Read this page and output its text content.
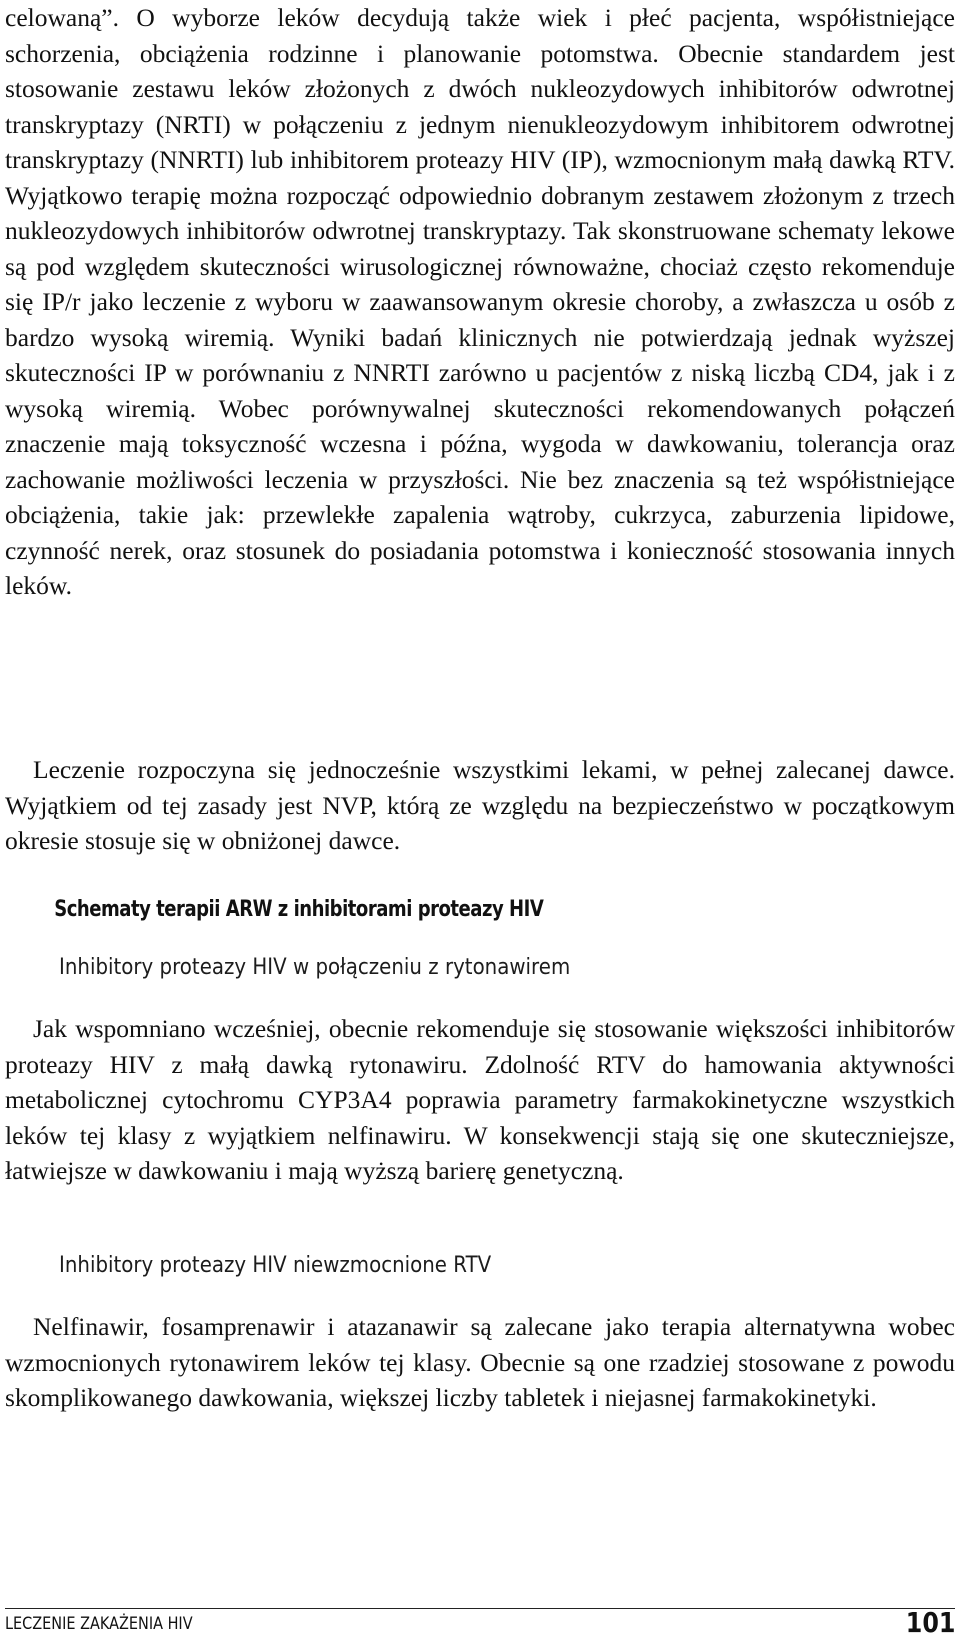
celowaną”. O wyborze leków decydują także wiek i płeć pacjenta, współistniejące schorzenia, obciążenia rodzinne i planowanie potomstwa. Obecnie standardem jest stosowanie zestawu leków złożonych z dwóch nukleozydowych inhibitorów odwrotnej transkryptazy (NRTI) w połączeniu z jednym nienukleozydowym inhibitorem odwrotnej transkryptazy (NNRTI) lub inhibitorem proteazy HIV (IP), wzmocnionym małą dawką RTV. Wyjątkowo terapię można rozpocząć odpowiednio dobranym zestawem złożonym z trzech nukleozydowych inhibitorów odwrotnej transkryptazy. Tak skonstruowane schematy lekowe są pod względem skuteczności wirusologicznej równoważne, chociaż często rekomenduje się IP/r jako leczenie z wyboru w zaawansowanym okresie choroby, a zwłaszcza u osób z bardzo wysoką wiremią. Wyniki badań klinicznych nie potwierdzają jednak wyższej skuteczności IP w porównaniu z NNRTI zarówno u pacjentów z niską liczbą CD4, jak i z wysoką wiremią. Wobec porównywalnej skuteczności rekomendowanych połączeń znaczenie mają toksyczność wczesna i późna, wygoda w dawkowaniu, tolerancja oraz zachowanie możliwości leczenia w przyszłości. Nie bez znaczenia są też współistniejące obciążenia, takie jak: przewlekłe zapalenia wątroby, cukrzyca, zaburzenia lipidowe, czynność nerek, oraz stosunek do posiadania potomstwa i konieczność stosowania innych leków.

Leczenie rozpoczyna się jednocześnie wszystkimi lekami, w pełnej zalecanej dawce. Wyjątkiem od tej zasady jest NVP, którą ze względu na bezpieczeństwo w początkowym okresie stosuje się w obniżonej dawce.

Schematy terapii ARW z inhibitorami proteazy HIV
Inhibitory proteazy HIV w połączeniu z rytonawirem

Jak wspomniano wcześniej, obecnie rekomenduje się stosowanie większości inhibitorów proteazy HIV z małą dawką rytonawiru. Zdolność RTV do hamowania aktywności metabolicznej cytochromu CYP3A4 poprawia parametry farmakokinetyczne wszystkich leków tej klasy z wyjątkiem nelfinawiru. W konsekwencji stają się one skuteczniejsze, łatwiejsze w dawkowaniu i mają wyższą barierę genetyczną.

Inhibitory proteazy HIV niewzmocnione RTV

Nelfinawir, fosamprenawir i atazanawir są zalecane jako terapia alternatywna wobec wzmocnionych rytonawirem leków tej klasy. Obecnie są one rzadziej stosowane z powodu skomplikowanego dawkowania, większej liczby tabletek i niejasnej farmakokinetyki.

LECZENIE ZAKAŻENIA HIV	101
